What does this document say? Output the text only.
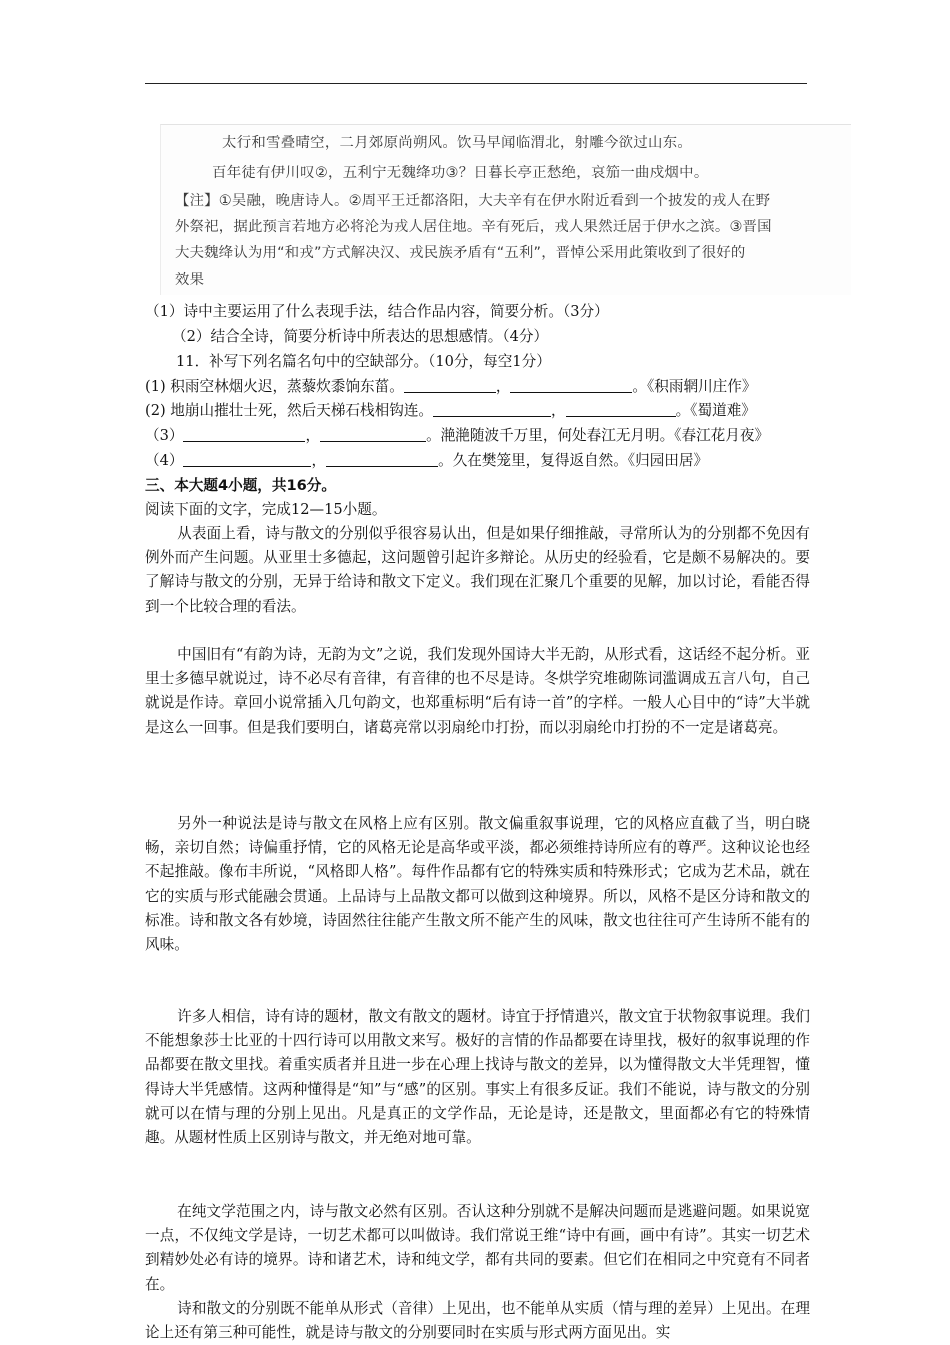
太行和雪叠晴空，二月郊原尚朔风。饮马早闻临渭北，射雕今欲过山东。
百年徒有伊川叹②，五利宁无魏绛功③？日暮长亭正愁绝，哀笳一曲戍烟中。
【注】①吴融，晚唐诗人。②周平王迁都洛阳，大夫辛有在伊水附近看到一个披发的戎人在野
外祭祀，据此预言若地方必将沦为戎人居住地。辛有死后，戎人果然迁居于伊水之滨。③晋国
大夫魏绛认为用“和戎”方式解决汉、戎民族矛盾有“五利”，晋悼公采用此策收到了很好的
效果
（1）诗中主要运用了什么表现手法，结合作品内容，简要分析。（3分）
（2）结合全诗，简要分析诗中所表达的思想感情。（4分）
11．补写下列名篇名句中的空缺部分。（10分，每空1分）
(1) 积雨空林烟火迟，蒸藜炊黍饷东菑。	，	。《积雨辋川庄作》
(2) 地崩山摧壮士死，然后天梯石栈相钩连。	，	。《蜀道难》
（3）	，	。滟滟随波千万里，何处春江无月明。《春江花月夜》
（4）	，	。久在樊笼里，复得返自然。《归园田居》
三、本大题4小题，共16分。
阅读下面的文字，完成12—15小题。
从表面上看，诗与散文的分别似乎很容易认出，但是如果仔细推敲，寻常所认为的分别都不免因有例外而产生问题。从亚里士多德起，这问题曾引起许多辩论。从历史的经验看，它是颇不易解决的。要了解诗与散文的分别，无异于给诗和散文下定义。我们现在汇聚几个重要的见解，加以讨论，看能否得到一个比较合理的看法。
中国旧有“有韵为诗，无韵为文”之说，我们发现外国诗大半无韵，从形式看，这话经不起分析。亚里士多德早就说过，诗不必尽有音律，有音律的也不尽是诗。冬烘学究堆砌陈词滥调成五言八句，自己就说是作诗。章回小说常插入几句韵文，也郑重标明“后有诗一首”的字样。一般人心目中的“诗”大半就是这么一回事。但是我们要明白，诸葛亮常以羽扇纶巾打扮，而以羽扇纶巾打扮的不一定是诸葛亮。
另外一种说法是诗与散文在风格上应有区别。散文偏重叙事说理，它的风格应直截了当，明白晓畅，亲切自然；诗偏重抒情，它的风格无论是高华或平淡，都必须维持诗所应有的尊严。这种议论也经不起推敲。像布丰所说，“风格即人格”。每件作品都有它的特殊实质和特殊形式；它成为艺术品，就在它的实质与形式能融会贯通。上品诗与上品散文都可以做到这种境界。所以，风格不是区分诗和散文的标准。诗和散文各有妙境，诗固然往往能产生散文所不能产生的风味，散文也往往可产生诗所不能有的风味。
许多人相信，诗有诗的题材，散文有散文的题材。诗宜于抒情遣兴，散文宜于状物叙事说理。我们不能想象莎士比亚的十四行诗可以用散文来写。极好的言情的作品都要在诗里找，极好的叙事说理的作品都要在散文里找。着重实质者并且进一步在心理上找诗与散文的差异，以为懂得散文大半凭理智，懂得诗大半凭感情。这两种懂得是“知”与“感”的区别。事实上有很多反证。我们不能说，诗与散文的分别就可以在情与理的分别上见出。凡是真正的文学作品，无论是诗，还是散文，里面都必有它的特殊情趣。从题材性质上区别诗与散文，并无绝对地可靠。
在纯文学范围之内，诗与散文必然有区别。否认这种分别就不是解决问题而是逃避问题。如果说宽一点，不仅纯文学是诗，一切艺术都可以叫做诗。我们常说王维“诗中有画，画中有诗”。其实一切艺术到精妙处必有诗的境界。诗和诸艺术，诗和纯文学，都有共同的要素。但它们在相同之中究竟有不同者在。
诗和散文的分别既不能单从形式（音律）上见出，也不能单从实质（情与理的差异）上见出。在理论上还有第三种可能性，就是诗与散文的分别要同时在实质与形式两方面见出。实
